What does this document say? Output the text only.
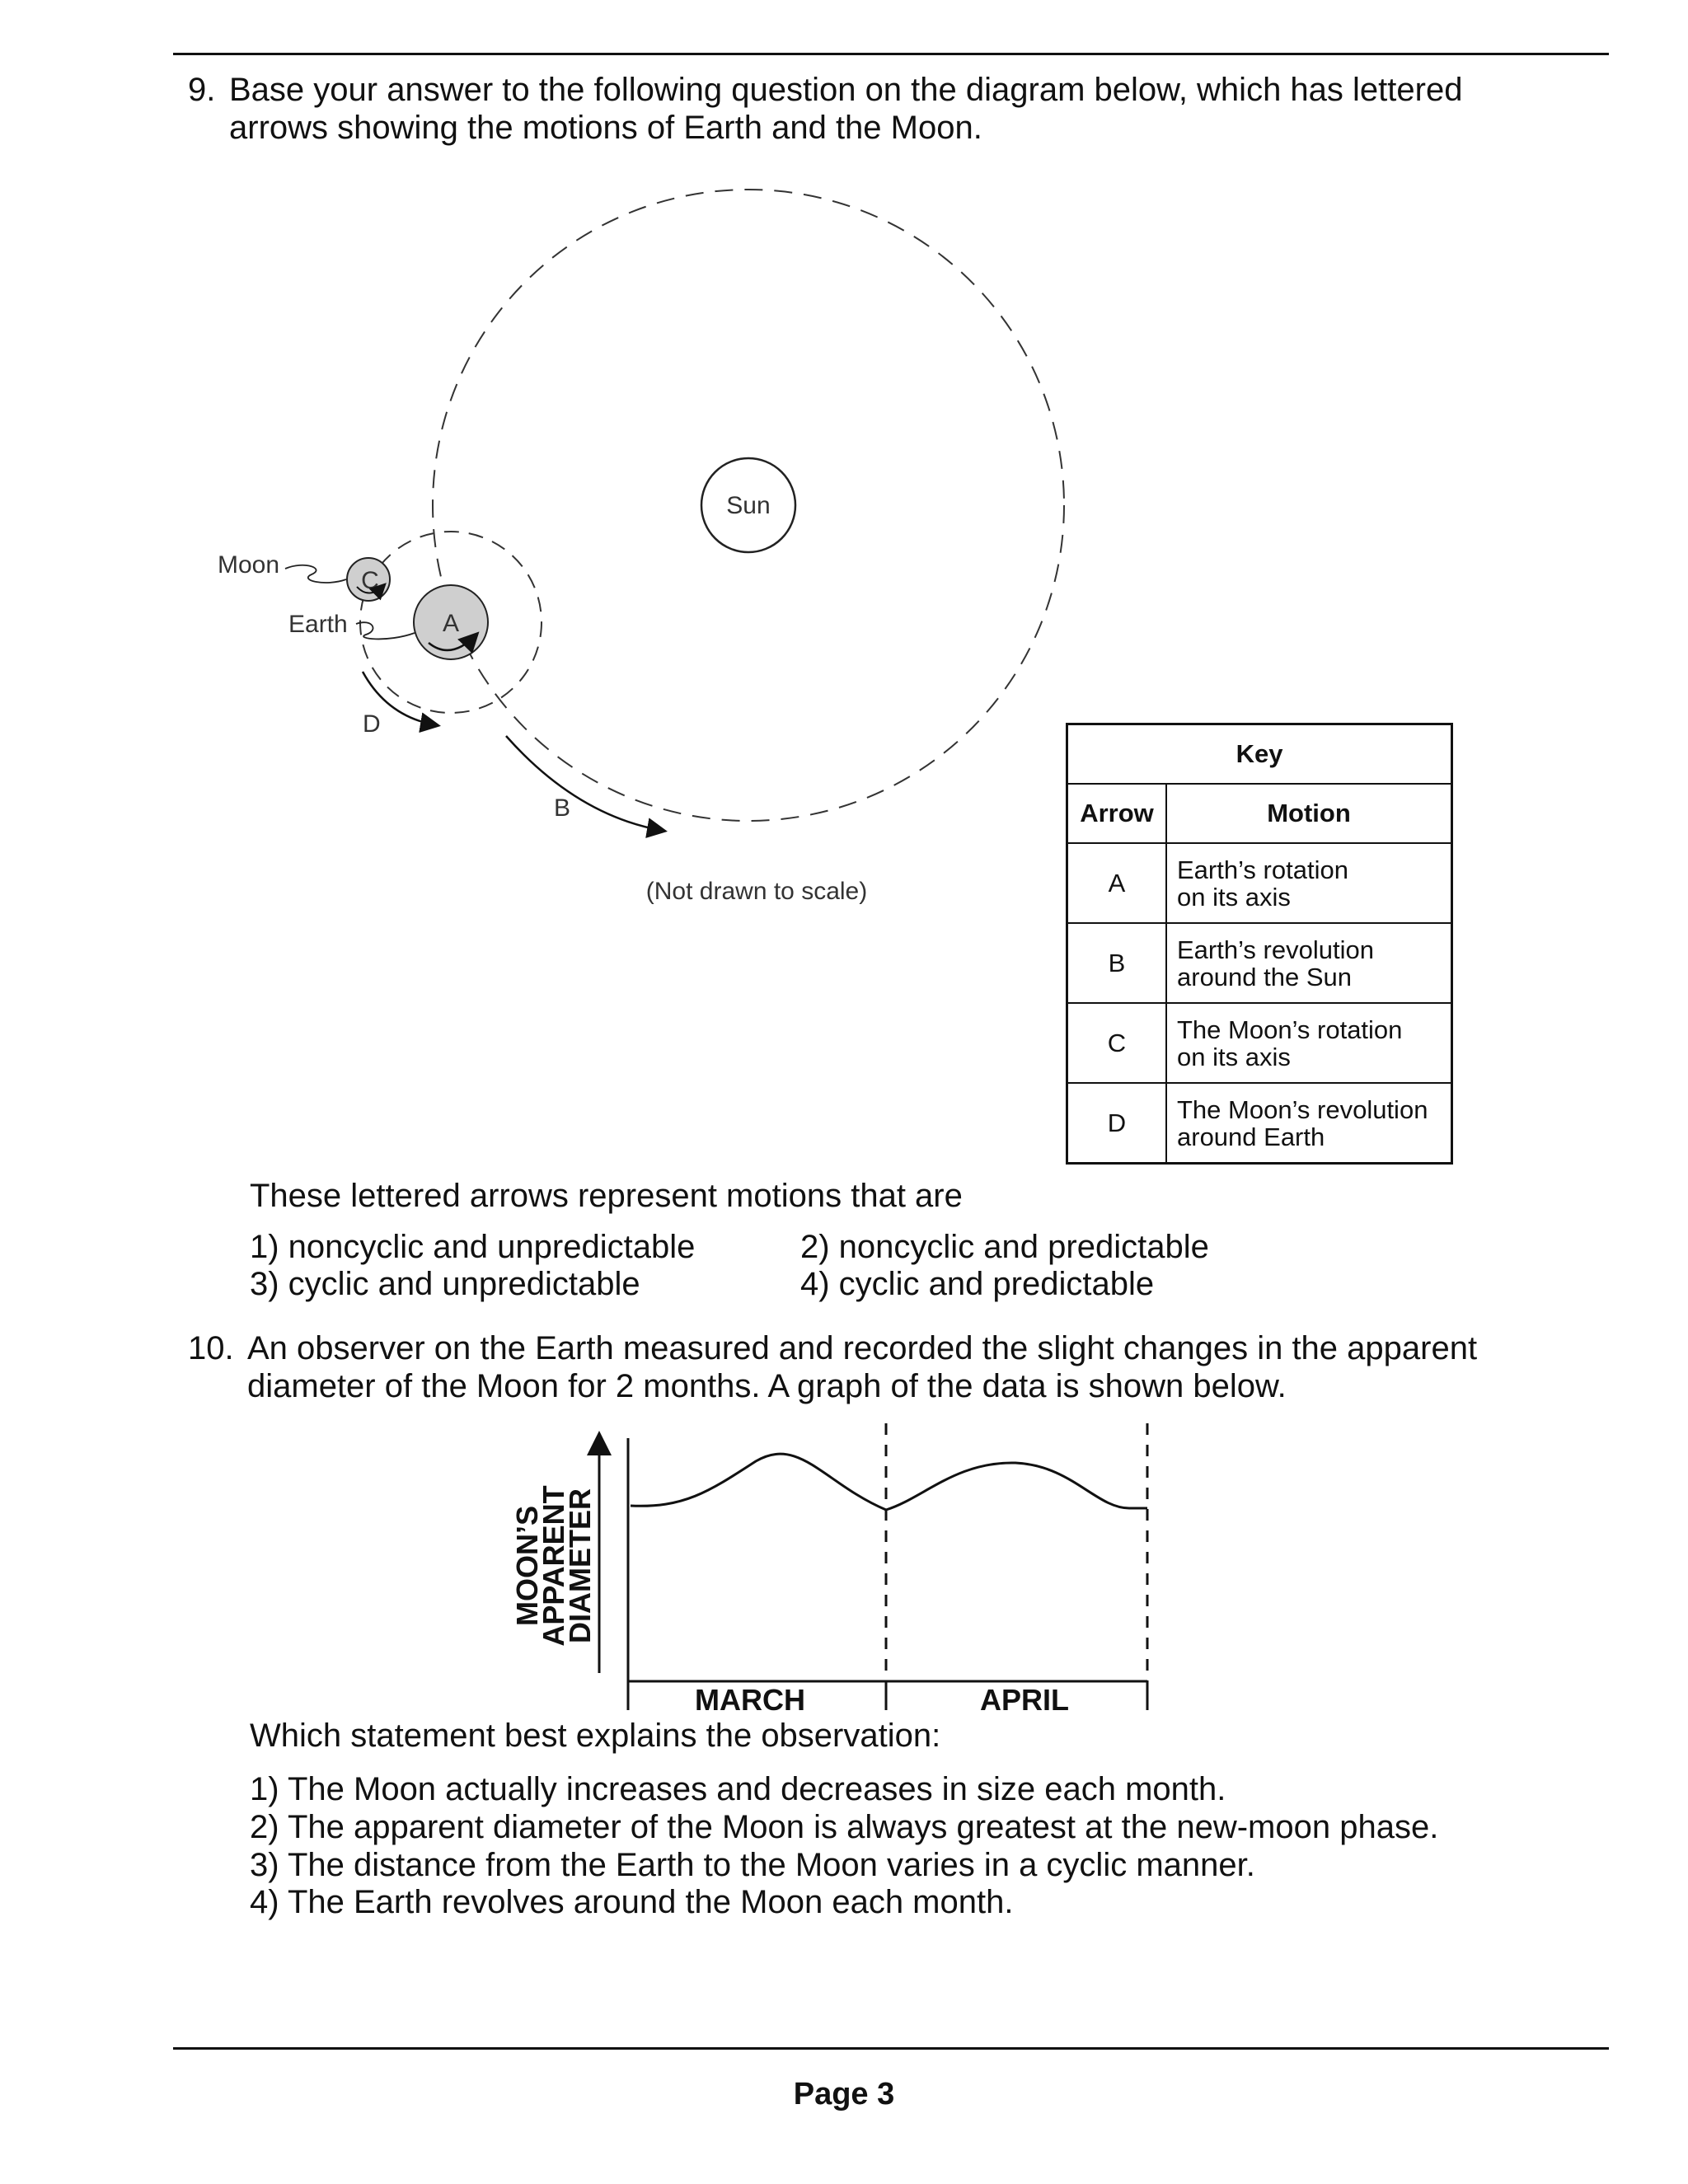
9. Base your answer to the following question on the diagram below, which has lettered
arrows showing the motions of Earth and the Moon.
Sun
A
C
Moon
Earth
D
B
(Not drawn to scale)
Key	
Arrow	Motion
A	Earth’s rotation
on its axis

B	Earth’s revolution
around the Sun

C	The Moon’s rotation
on its axis

D	The Moon’s revolution
around Earth
These lettered arrows represent motions that are
1) noncyclic and unpredictable	2) noncyclic and predictable
3) cyclic and unpredictable	4) cyclic and predictable
10. An observer on the Earth measured and recorded the slight changes in the apparent
diameter of the Moon for 2 months. A graph of the data is shown below.
MOON’S
APPARENT
DIAMETER
MARCH	APRIL
Which statement best explains the observation:
1) The Moon actually increases and decreases in size each month.
2) The apparent diameter of the Moon is always greatest at the new-moon phase.
3) The distance from the Earth to the Moon varies in a cyclic manner.
4) The Earth revolves around the Moon each month.
Page 3
